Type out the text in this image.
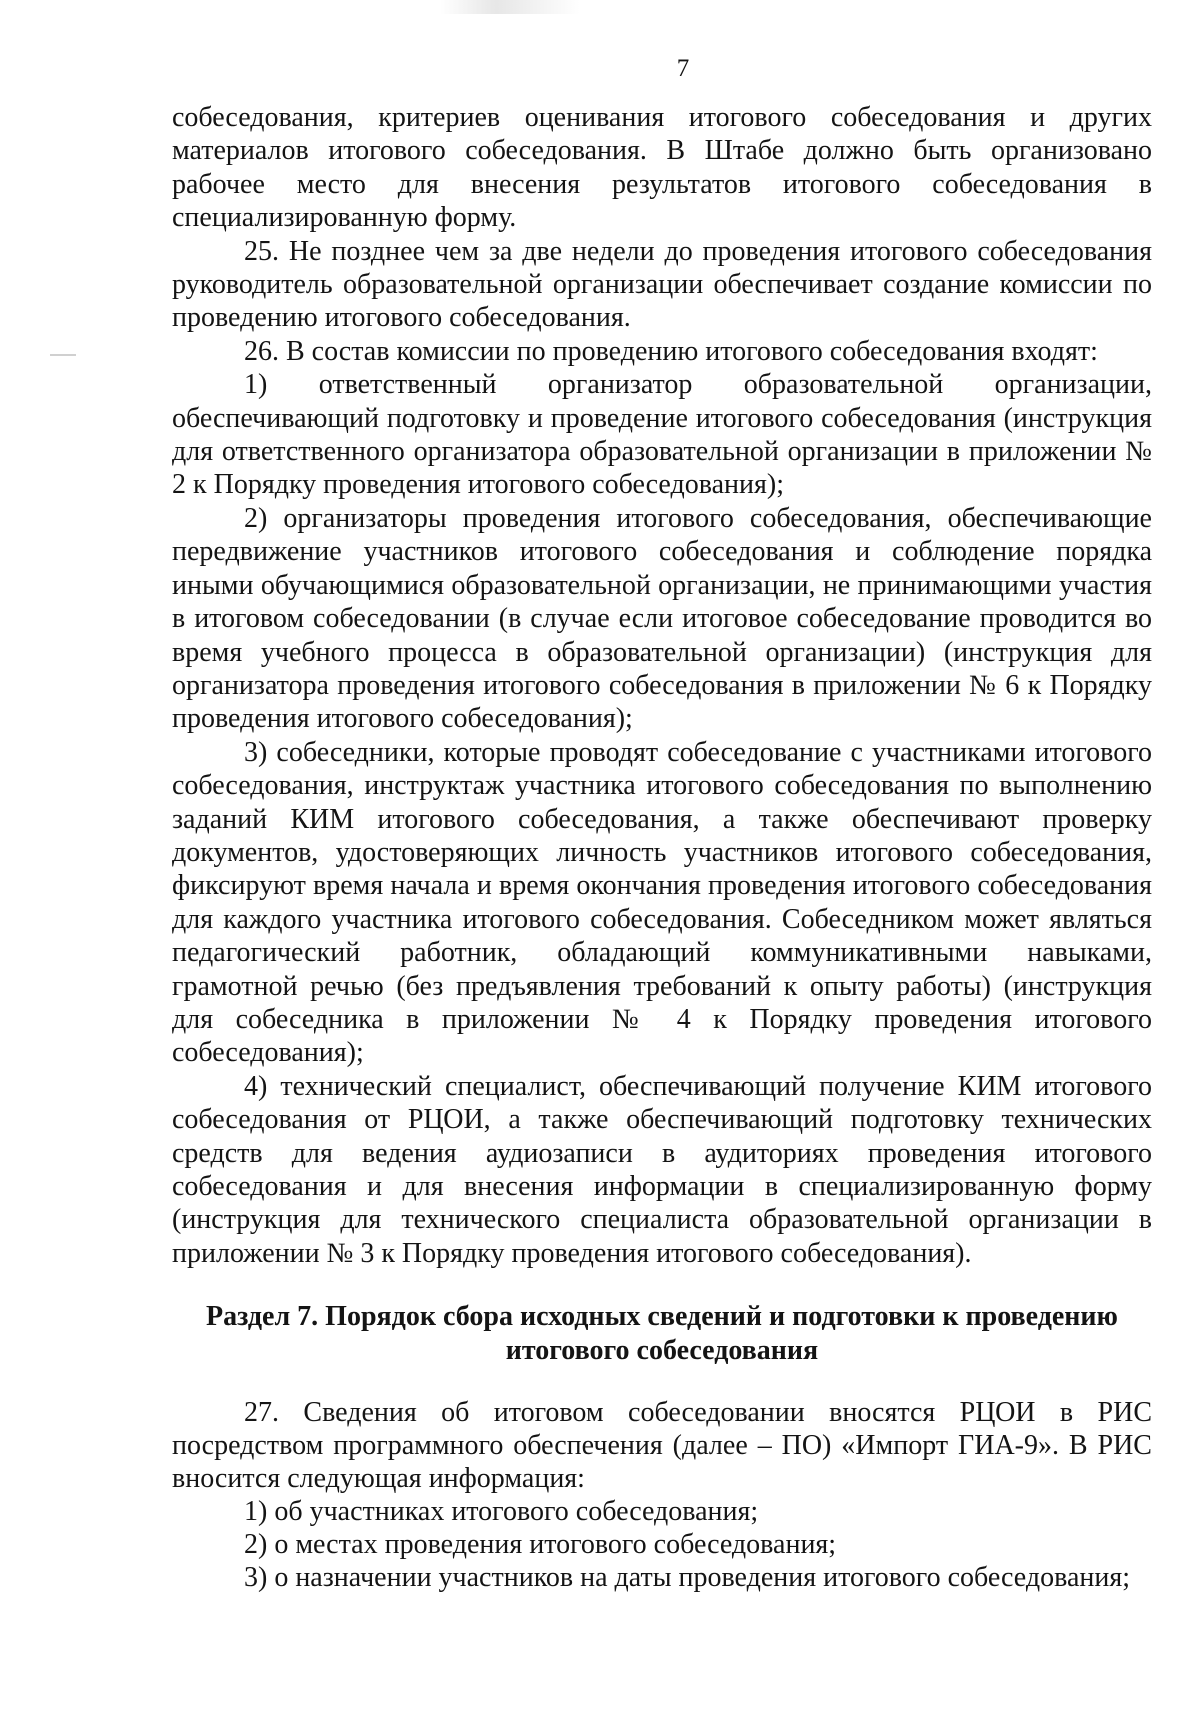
7

собеседования, критериев оценивания итогового собеседования и других материалов итогового собеседования. В Штабе должно быть организовано рабочее место для внесения результатов итогового собеседования в специализированную форму.

25. Не позднее чем за две недели до проведения итогового собеседования руководитель образовательной организации обеспечивает создание комиссии по проведению итогового собеседования.

26. В состав комиссии по проведению итогового собеседования входят:

1) ответственный организатор образовательной организации, обеспечивающий подготовку и проведение итогового собеседования (инструкция для ответственного организатора образовательной организации в приложении № 2 к Порядку проведения итогового собеседования);

2) организаторы проведения итогового собеседования, обеспечивающие передвижение участников итогового собеседования и соблюдение порядка иными обучающимися образовательной организации, не принимающими участия в итоговом собеседовании (в случае если итоговое собеседование проводится во время учебного процесса в образовательной организации) (инструкция для организатора проведения итогового собеседования в приложении № 6 к Порядку проведения итогового собеседования);

3) собеседники, которые проводят собеседование с участниками итогового собеседования, инструктаж участника итогового собеседования по выполнению заданий КИМ итогового собеседования, а также обеспечивают проверку документов, удостоверяющих личность участников итогового собеседования, фиксируют время начала и время окончания проведения итогового собеседования для каждого участника итогового собеседования. Собеседником может являться педагогический работник, обладающий коммуникативными навыками, грамотной речью (без предъявления требований к опыту работы) (инструкция для собеседника в приложении № 4 к Порядку проведения итогового собеседования);

4) технический специалист, обеспечивающий получение КИМ итогового собеседования от РЦОИ, а также обеспечивающий подготовку технических средств для ведения аудиозаписи в аудиториях проведения итогового собеседования и для внесения информации в специализированную форму (инструкция для технического специалиста образовательной организации в приложении № 3 к Порядку проведения итогового собеседования).

Раздел 7. Порядок сбора исходных сведений и подготовки к проведению
итогового собеседования

27. Сведения об итоговом собеседовании вносятся РЦОИ в РИС посредством программного обеспечения (далее – ПО) «Импорт ГИА-9». В РИС вносится следующая информация:

1) об участниках итогового собеседования;

2) о местах проведения итогового собеседования;

3) о назначении участников на даты проведения итогового собеседования;
